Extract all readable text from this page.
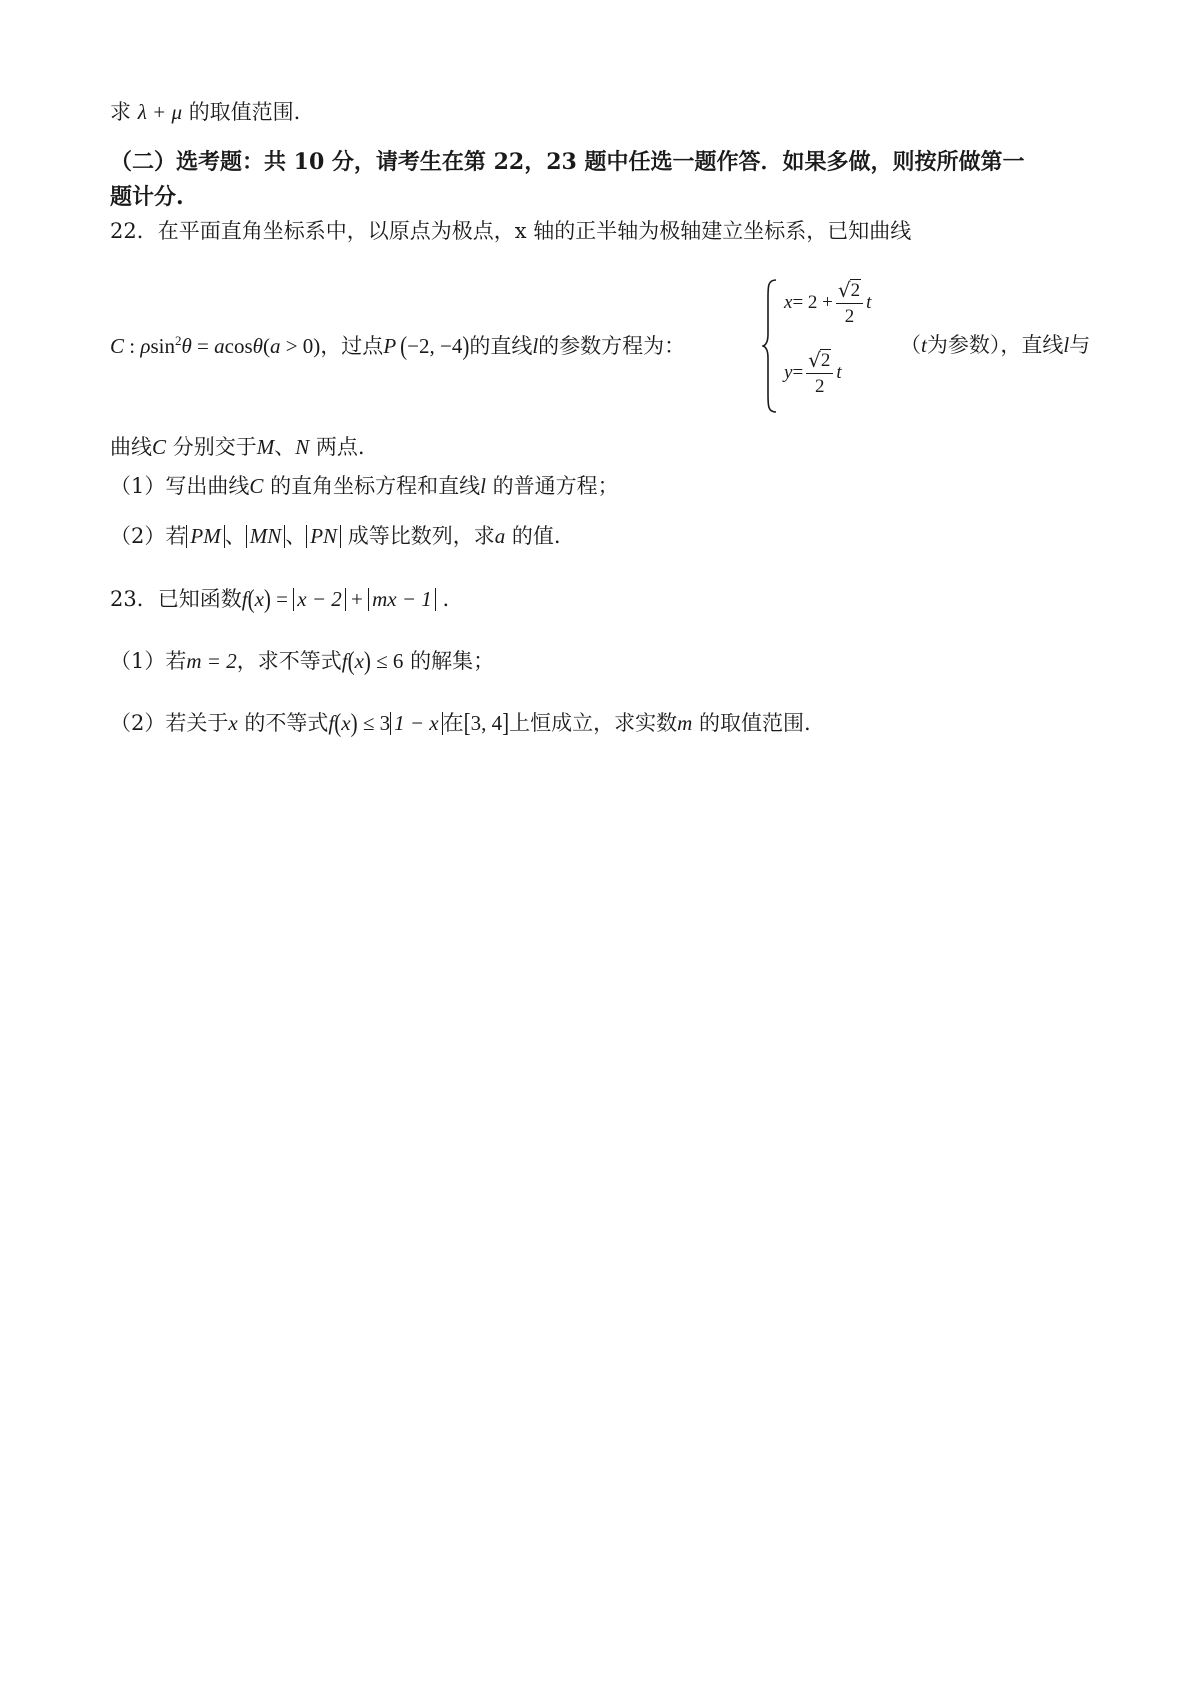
求 λ + μ 的取值范围.
（二）选考题：共 10 分，请考生在第 22，23 题中任选一题作答．如果多做，则按所做第一
题计分.
22．在平面直角坐标系中，以原点为极点，x 轴的正半轴为极轴建立坐标系，已知曲线
C : ρsin$^2$θ = acosθ(a > 0)，过点P (−2, −4)的直线l的参数方程为：
$x = 2 + \frac{√ 2}{2}$ t
$y = \frac{√ 2}{2}$ t
（t为参数），直线l与
曲线C 分别交于M、N 两点.
（1）写出曲线C 的直角坐标方程和直线l 的普通方程；
（2）若 PM 、 MN 、 PN 成等比数列，求a 的值.
23．已知函数f(x) = x − 2 + mx − 1 .
（1）若m = 2，求不等式f(x) ≤ 6 的解集；
（2）若关于x 的不等式f(x) ≤ 3 1 − x 在[3, 4]上恒成立，求实数m 的取值范围.
